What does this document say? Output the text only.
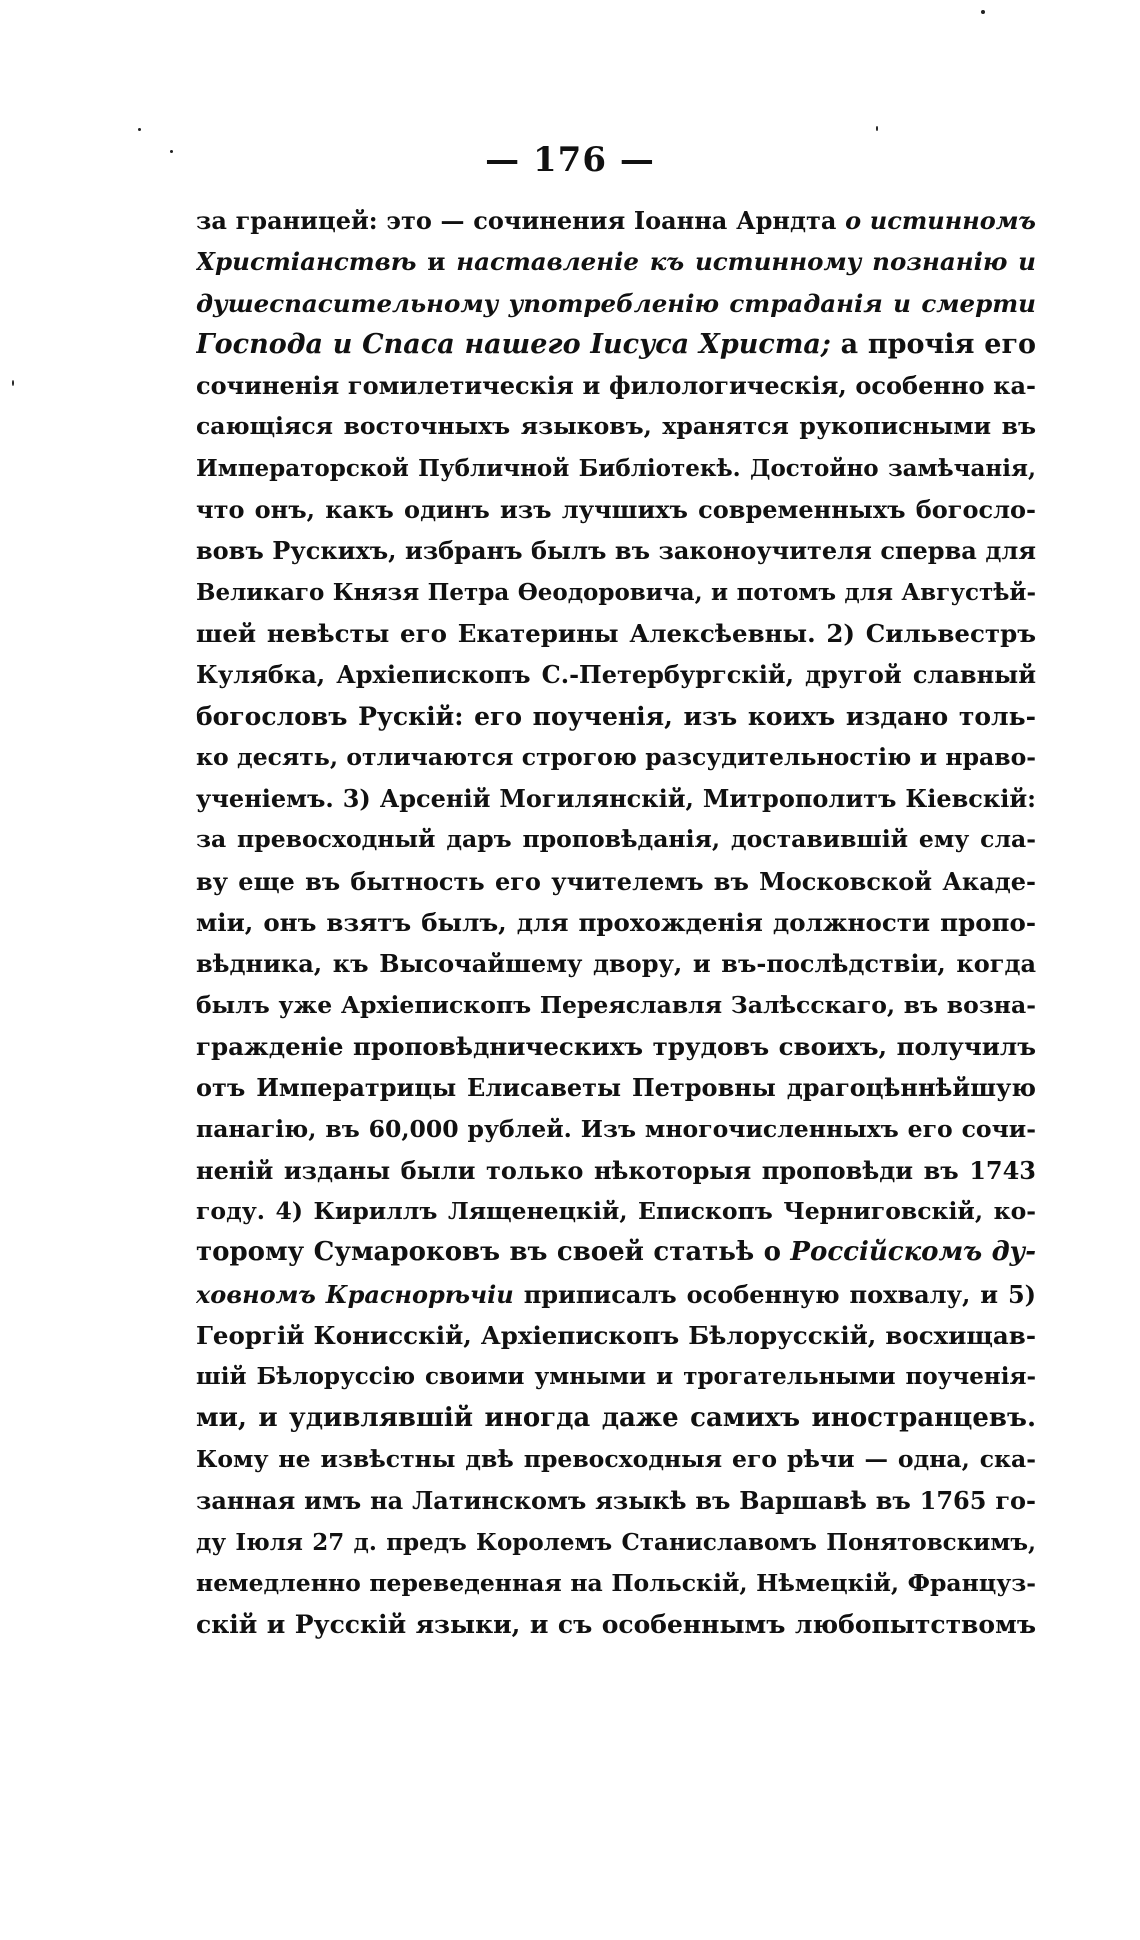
— 176 —
за границей: это — сочинения Іоанна Арндта о истинномъ
Христіанствѣ и наставленіе къ истинному познанію и
душеспасительному употребленію страданія и смерти
Господа и Спаса нашего Іисуса Христа; а прочія его
сочиненія гомилетическія и филологическія, особенно ка-
сающіяся восточныхъ языковъ, хранятся рукописными въ
Императорской Публичной Библіотекѣ. Достойно замѣчанія,
что онъ, какъ одинъ изъ лучшихъ современныхъ богосло-
вовъ Рускихъ, избранъ былъ въ законоучителя сперва для
Великаго Князя Петра Ѳеодоровича, и потомъ для Августѣй-
шей невѣсты его Екатерины Алексѣевны. 2) Сильвестръ
Кулябка, Архіепископъ С.-Петербургскій, другой славный
богословъ Рускій: его поученія, изъ коихъ издано толь-
ко десять, отличаются строгою разсудительностію и нраво-
ученіемъ. 3) Арсеній Могилянскій, Митрополитъ Кіевскій:
за превосходный даръ проповѣданія, доставившій ему сла-
ву еще въ бытность его учителемъ въ Московской Акаде-
міи, онъ взятъ былъ, для прохожденія должности пропо-
вѣдника, къ Высочайшему двору, и въ-послѣдствіи, когда
былъ уже Архіепископъ Переяславля Залѣсскаго, въ возна-
гражденіе проповѣдническихъ трудовъ своихъ, получилъ
отъ Императрицы Елисаветы Петровны драгоцѣннѣйшую
панагію, въ 60,000 рублей. Изъ многочисленныхъ его сочи-
неній изданы были только нѣкоторыя проповѣди въ 1743
году. 4) Кириллъ Лященецкій, Епископъ Черниговскій, ко-
торому Сумароковъ въ своей статьѣ о Россійскомъ ду-
ховномъ Краснорѣчіи приписалъ особенную похвалу, и 5)
Георгій Конисскій, Архіепископъ Бѣлорусскій, восхищав-
шій Бѣлоруссію своими умными и трогательными поученія-
ми, и удивлявшій иногда даже самихъ иностранцевъ.
Кому не извѣстны двѣ превосходныя его рѣчи — одна, ска-
занная имъ на Латинскомъ языкѣ въ Варшавѣ въ 1765 го-
ду Іюля 27 д. предъ Королемъ Станиславомъ Понятовскимъ,
немедленно переведенная на Польскій, Нѣмецкій, Француз-
скій и Русскій языки, и съ особеннымъ любопытствомъ
